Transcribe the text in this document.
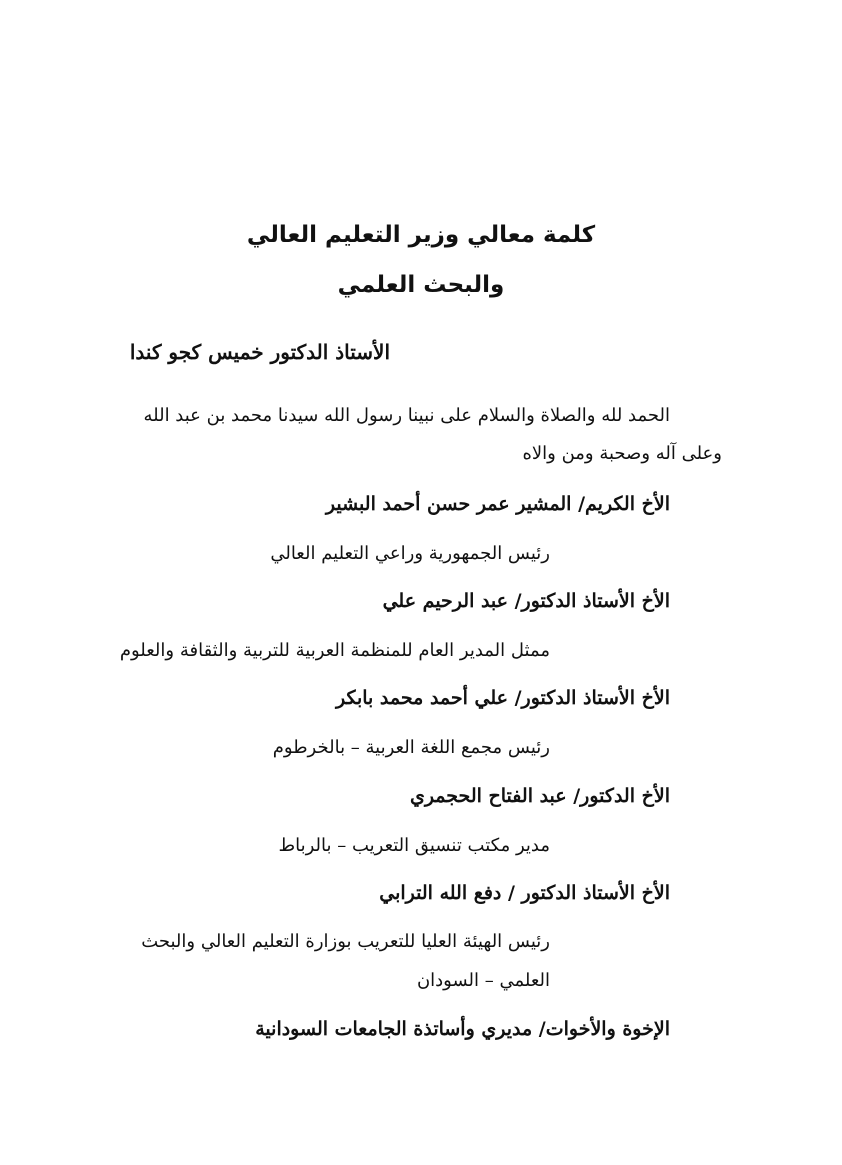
كلمة معالي وزير التعليم العالي
والبحث العلمي
الأستاذ الدكتور خميس كجو كندا
الحمد لله والصلاة والسلام على نبينا رسول الله سيدنا محمد بن عبد الله
وعلى آله وصحبة ومن والاه
الأخ الكريم/ المشير عمر حسن أحمد البشير
رئيس الجمهورية وراعي التعليم العالي
الأخ الأستاذ الدكتور/ عبد الرحيم علي
ممثل المدير العام للمنظمة العربية للتربية والثقافة والعلوم
الأخ الأستاذ الدكتور/ علي أحمد محمد بابكر
رئيس مجمع اللغة العربية – بالخرطوم
الأخ الدكتور/ عبد الفتاح الحجمري
مدير مكتب تنسيق التعريب – بالرباط
الأخ الأستاذ الدكتور / دفع الله الترابي
رئيس الهيئة العليا للتعريب بوزارة التعليم العالي والبحث
العلمي – السودان
الإخوة والأخوات/ مديري وأساتذة الجامعات السودانية
